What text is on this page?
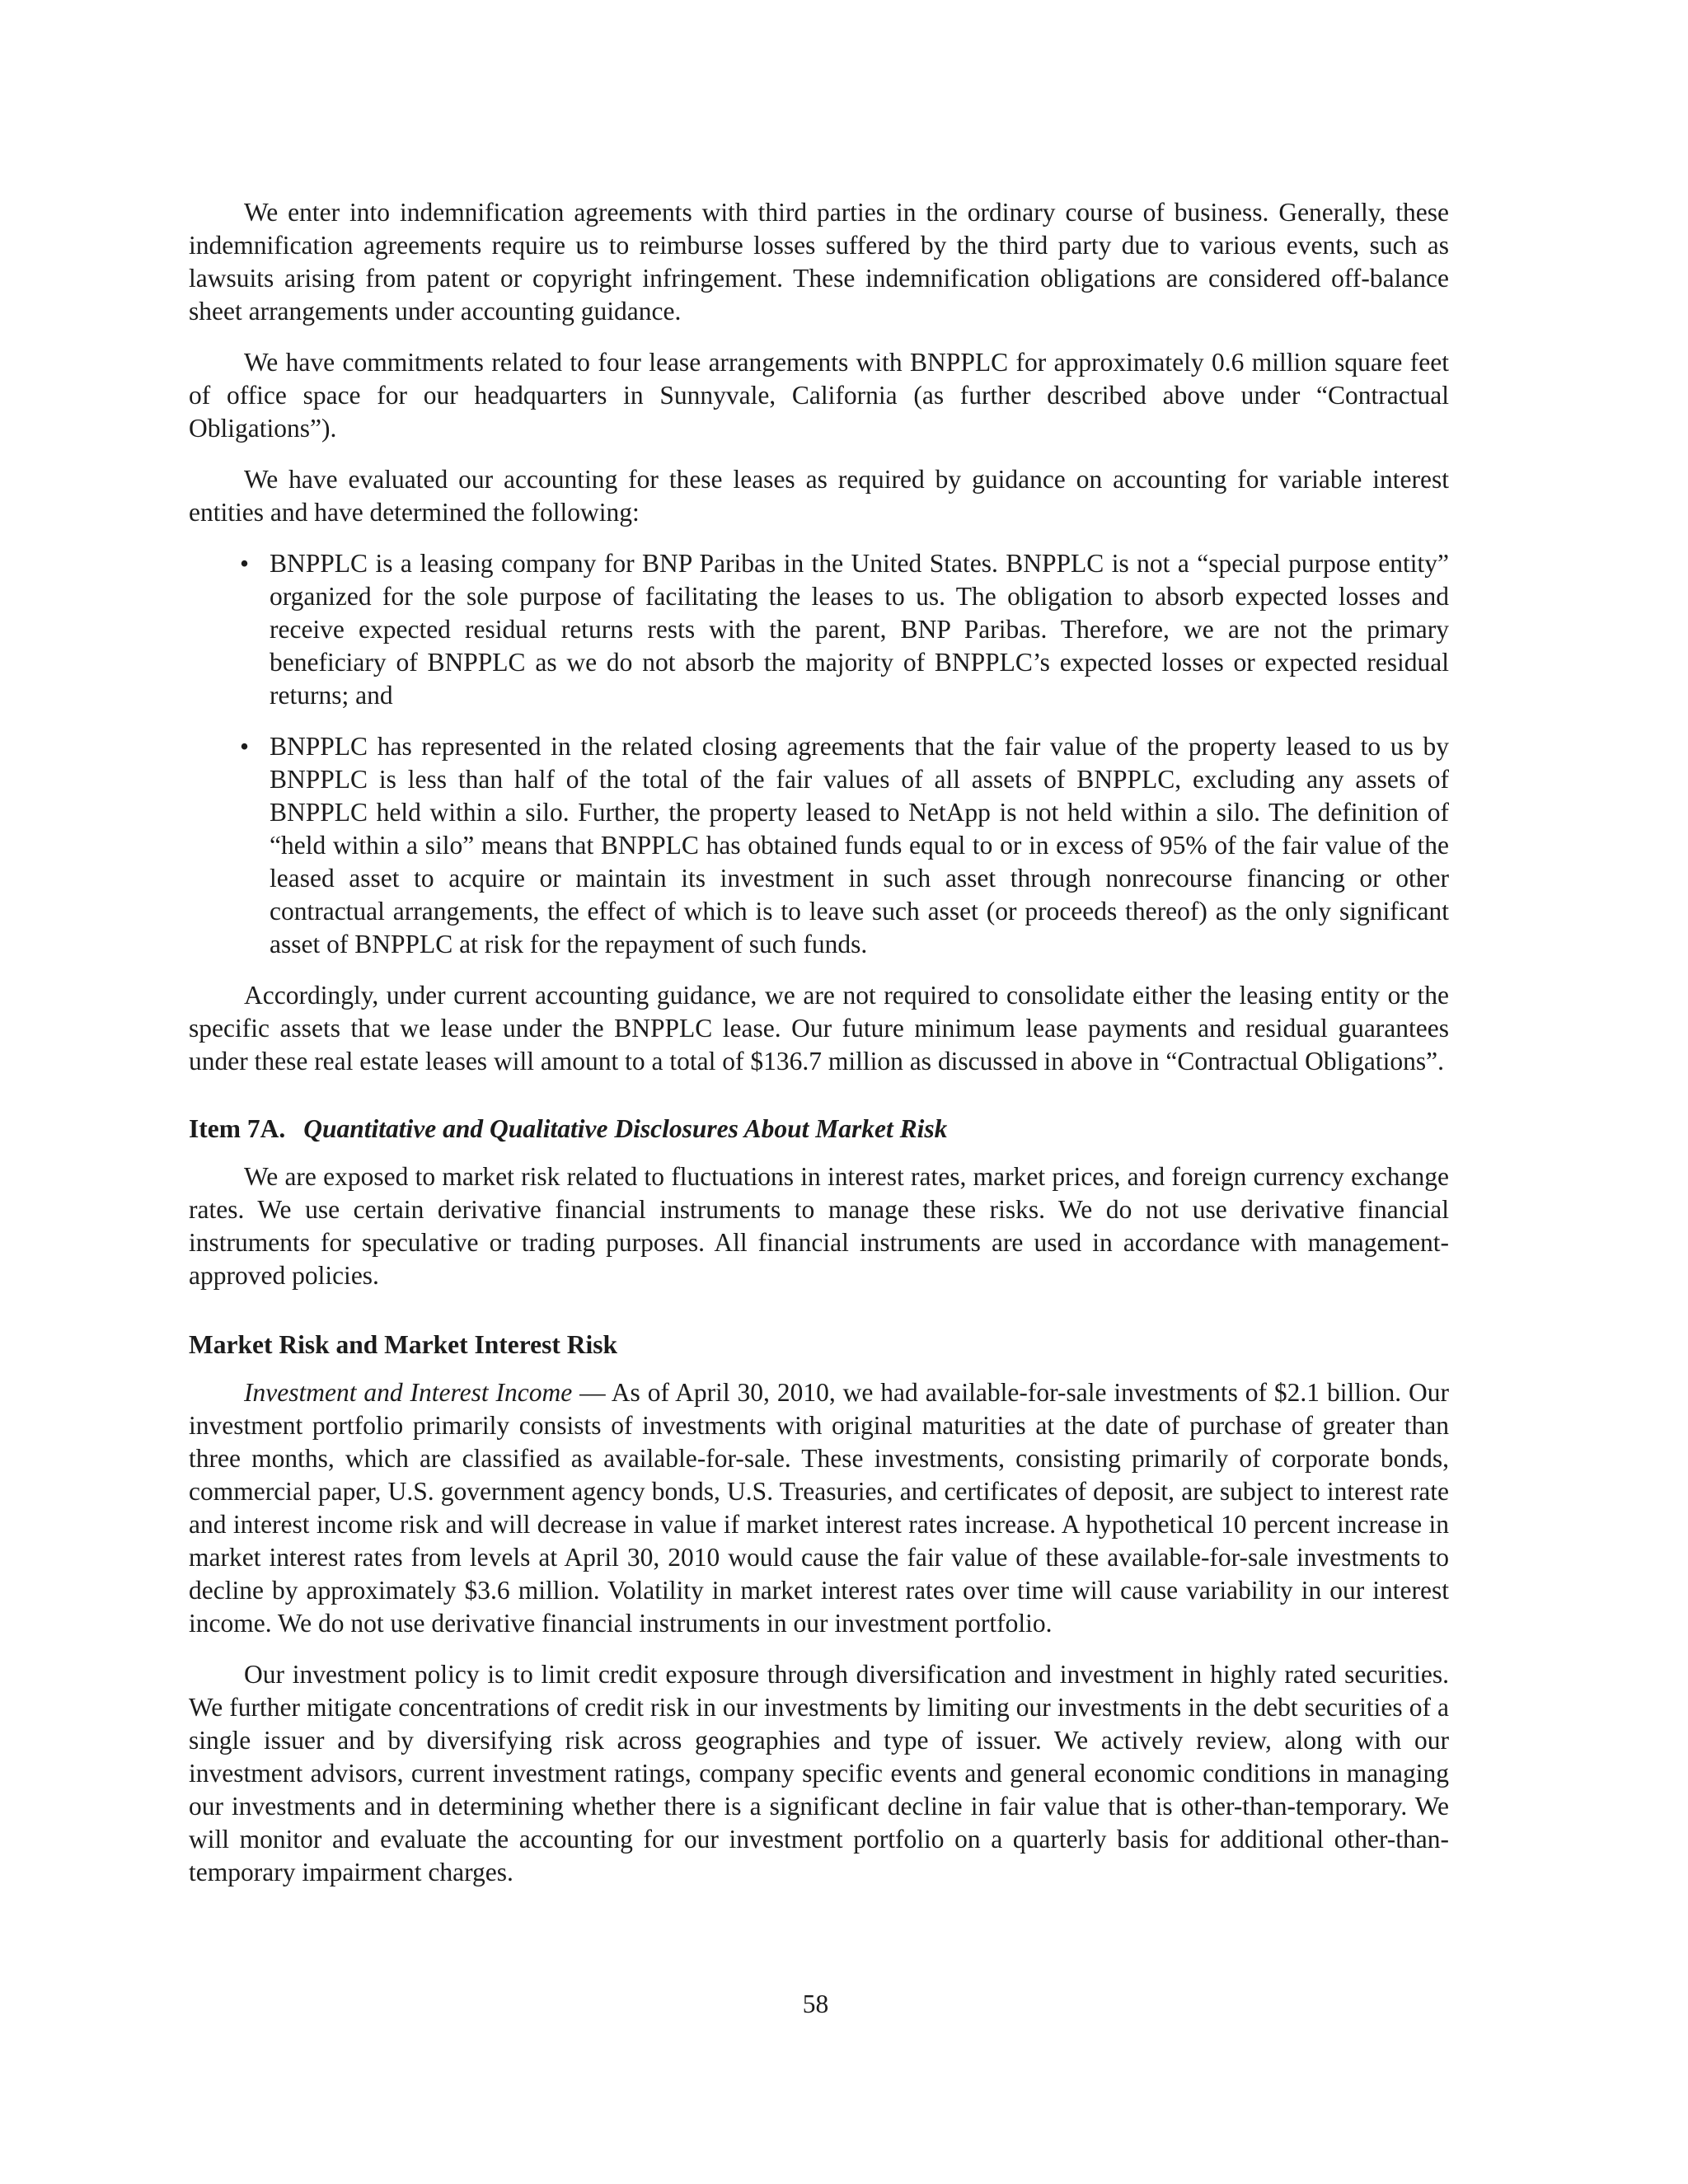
We enter into indemnification agreements with third parties in the ordinary course of business. Generally, these indemnification agreements require us to reimburse losses suffered by the third party due to various events, such as lawsuits arising from patent or copyright infringement. These indemnification obligations are considered off-balance sheet arrangements under accounting guidance.

We have commitments related to four lease arrangements with BNPPLC for approximately 0.6 million square feet of office space for our headquarters in Sunnyvale, California (as further described above under “Contractual Obligations”).

We have evaluated our accounting for these leases as required by guidance on accounting for variable interest entities and have determined the following:

• BNPPLC is a leasing company for BNP Paribas in the United States. BNPPLC is not a “special purpose entity” organized for the sole purpose of facilitating the leases to us. The obligation to absorb expected losses and receive expected residual returns rests with the parent, BNP Paribas. Therefore, we are not the primary beneficiary of BNPPLC as we do not absorb the majority of BNPPLC’s expected losses or expected residual returns; and
• BNPPLC has represented in the related closing agreements that the fair value of the property leased to us by BNPPLC is less than half of the total of the fair values of all assets of BNPPLC, excluding any assets of BNPPLC held within a silo. Further, the property leased to NetApp is not held within a silo. The definition of “held within a silo” means that BNPPLC has obtained funds equal to or in excess of 95% of the fair value of the leased asset to acquire or maintain its investment in such asset through nonrecourse financing or other contractual arrangements, the effect of which is to leave such asset (or proceeds thereof) as the only significant asset of BNPPLC at risk for the repayment of such funds.

Accordingly, under current accounting guidance, we are not required to consolidate either the leasing entity or the specific assets that we lease under the BNPPLC lease. Our future minimum lease payments and residual guarantees under these real estate leases will amount to a total of $136.7 million as discussed in above in “Contractual Obligations”.

Item 7A. Quantitative and Qualitative Disclosures About Market Risk

We are exposed to market risk related to fluctuations in interest rates, market prices, and foreign currency exchange rates. We use certain derivative financial instruments to manage these risks. We do not use derivative financial instruments for speculative or trading purposes. All financial instruments are used in accordance with management-approved policies.

Market Risk and Market Interest Risk

Investment and Interest Income — As of April 30, 2010, we had available-for-sale investments of $2.1 billion. Our investment portfolio primarily consists of investments with original maturities at the date of purchase of greater than three months, which are classified as available-for-sale. These investments, consisting primarily of corporate bonds, commercial paper, U.S. government agency bonds, U.S. Treasuries, and certificates of deposit, are subject to interest rate and interest income risk and will decrease in value if market interest rates increase. A hypothetical 10 percent increase in market interest rates from levels at April 30, 2010 would cause the fair value of these available-for-sale investments to decline by approximately $3.6 million. Volatility in market interest rates over time will cause variability in our interest income. We do not use derivative financial instruments in our investment portfolio.

Our investment policy is to limit credit exposure through diversification and investment in highly rated securities. We further mitigate concentrations of credit risk in our investments by limiting our investments in the debt securities of a single issuer and by diversifying risk across geographies and type of issuer. We actively review, along with our investment advisors, current investment ratings, company specific events and general economic conditions in managing our investments and in determining whether there is a significant decline in fair value that is other-than-temporary. We will monitor and evaluate the accounting for our investment portfolio on a quarterly basis for additional other-than-temporary impairment charges.

58
